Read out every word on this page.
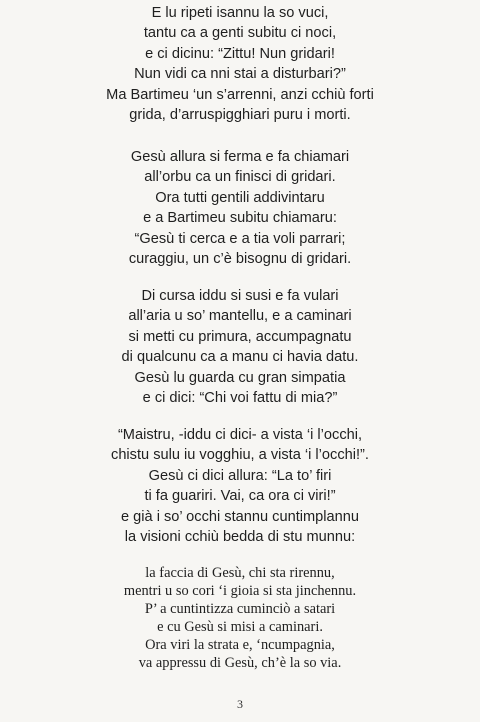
E lu ripeti isannu la so vuci,
tantu ca a genti subitu ci noci,
e ci dicinu: “Zittu! Nun gridari!
Nun vidi ca nni stai a disturbari?”
Ma Bartimeu ‘un s’arrenni, anzi cchiù forti
grida, d’arruspigghiari puru i morti.
Gesù allura si ferma e fa chiamari
all’orbu ca un finisci di gridari.
Ora tutti gentili addivintaru
e a Bartimeu subitu chiamaru:
“Gesù ti cerca e a tia voli parrari;
curaggiu, un c’è bisognu di gridari.
Di cursa iddu si susi e fa vulari
all’aria u so’ mantellu, e a caminari
si metti cu primura, accumpagnatu
di qualcunu ca a manu ci havia datu.
Gesù lu guarda cu gran simpatia
e ci dici: “Chi voi fattu di mia?”
“Maistru, -iddu ci dici- a vista ‘i l’occhi,
chistu sulu iu vogghiu, a vista ‘i l’occhi!”.
Gesù ci dici allura: “La to’ firi
ti fa guariri. Vai, ca ora ci viri!”
e già i so’ occhi stannu cuntimplannu
la visioni cchiù bedda di stu munnu:
la faccia di Gesù, chi sta rirennu,
mentri u so cori ‘i gioia si sta jinchennu.
P’ a cuntintizza cuminciò a satari
e cu Gesù si misi a caminari.
Ora viri la strata e, ‘ncumpagnia,
va appressu di Gesù, ch’è la so via.
3
